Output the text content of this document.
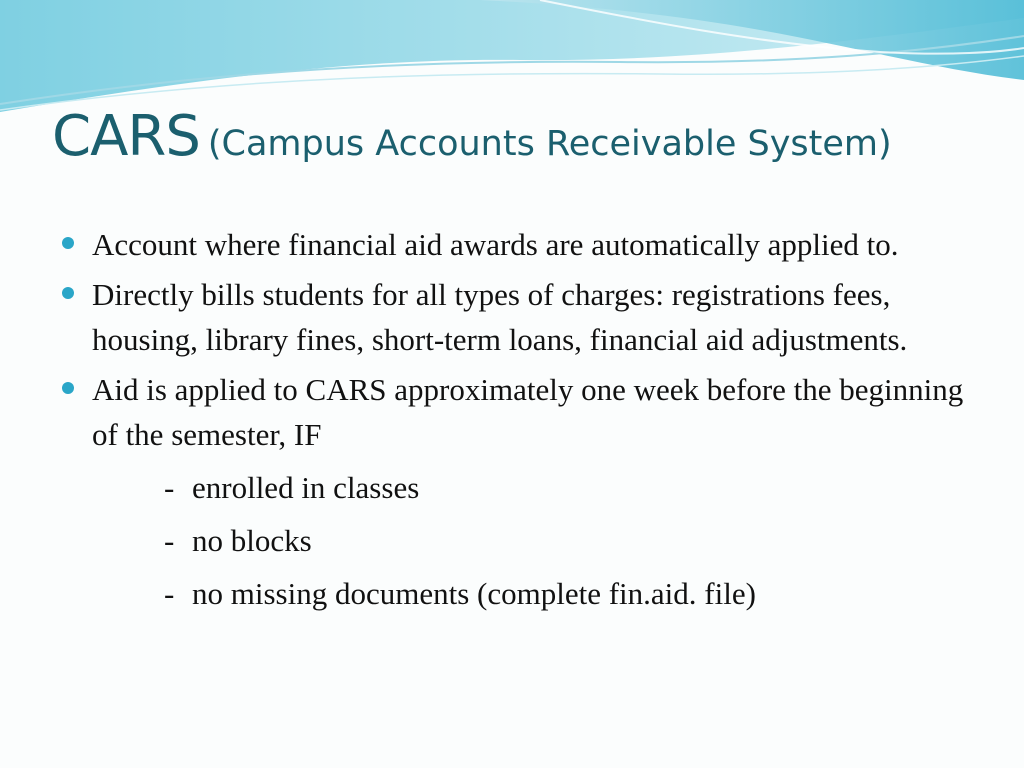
CARS (Campus Accounts Receivable System)
Account where financial aid awards are automatically applied to.
Directly bills students for all types of charges: registrations fees, housing, library fines, short-term loans, financial aid adjustments.
Aid is applied to CARS approximately one week before the beginning of the semester, IF
- enrolled in classes
- no blocks
- no missing documents (complete fin.aid. file)
